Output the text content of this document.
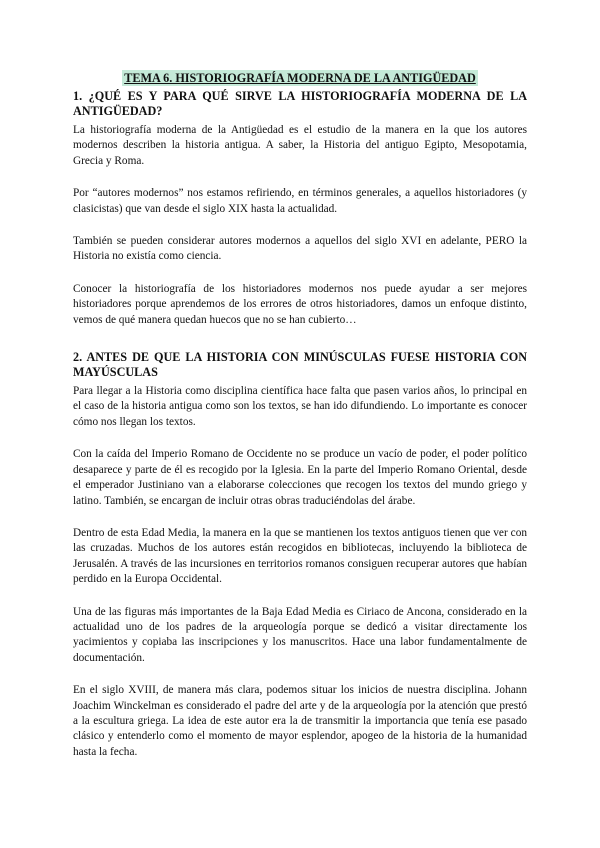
TEMA 6. HISTORIOGRAFÍA MODERNA DE LA ANTIGÜEDAD
1. ¿QUÉ ES Y PARA QUÉ SIRVE LA HISTORIOGRAFÍA MODERNA DE LA ANTIGÜEDAD?

La historiografía moderna de la Antigüedad es el estudio de la manera en la que los autores modernos describen la historia antigua. A saber, la Historia del antiguo Egipto, Mesopotamia, Grecia y Roma.

Por “autores modernos” nos estamos refiriendo, en términos generales, a aquellos historiadores (y clasicistas) que van desde el siglo XIX hasta la actualidad.

También se pueden considerar autores modernos a aquellos del siglo XVI en adelante, PERO la Historia no existía como ciencia.

Conocer la historiografía de los historiadores modernos nos puede ayudar a ser mejores historiadores porque aprendemos de los errores de otros historiadores, damos un enfoque distinto, vemos de qué manera quedan huecos que no se han cubierto…

2. ANTES DE QUE LA HISTORIA CON MINÚSCULAS FUESE HISTORIA CON MAYÚSCULAS

Para llegar a la Historia como disciplina científica hace falta que pasen varios años, lo principal en el caso de la historia antigua como son los textos, se han ido difundiendo. Lo importante es conocer cómo nos llegan los textos.

Con la caída del Imperio Romano de Occidente no se produce un vacío de poder, el poder político desaparece y parte de él es recogido por la Iglesia. En la parte del Imperio Romano Oriental, desde el emperador Justiniano van a elaborarse colecciones que recogen los textos del mundo griego y latino. También, se encargan de incluir otras obras traduciéndolas del árabe.

Dentro de esta Edad Media, la manera en la que se mantienen los textos antiguos tienen que ver con las cruzadas. Muchos de los autores están recogidos en bibliotecas, incluyendo la biblioteca de Jerusalén. A través de las incursiones en territorios romanos consiguen recuperar autores que habían perdido en la Europa Occidental.

Una de las figuras más importantes de la Baja Edad Media es Ciriaco de Ancona, considerado en la actualidad uno de los padres de la arqueología porque se dedicó a visitar directamente los yacimientos y copiaba las inscripciones y los manuscritos. Hace una labor fundamentalmente de documentación.

En el siglo XVIII, de manera más clara, podemos situar los inicios de nuestra disciplina. Johann Joachim Winckelman es considerado el padre del arte y de la arqueología por la atención que prestó a la escultura griega. La idea de este autor era la de transmitir la importancia que tenía ese pasado clásico y entenderlo como el momento de mayor esplendor, apogeo de la historia de la humanidad hasta la fecha.
